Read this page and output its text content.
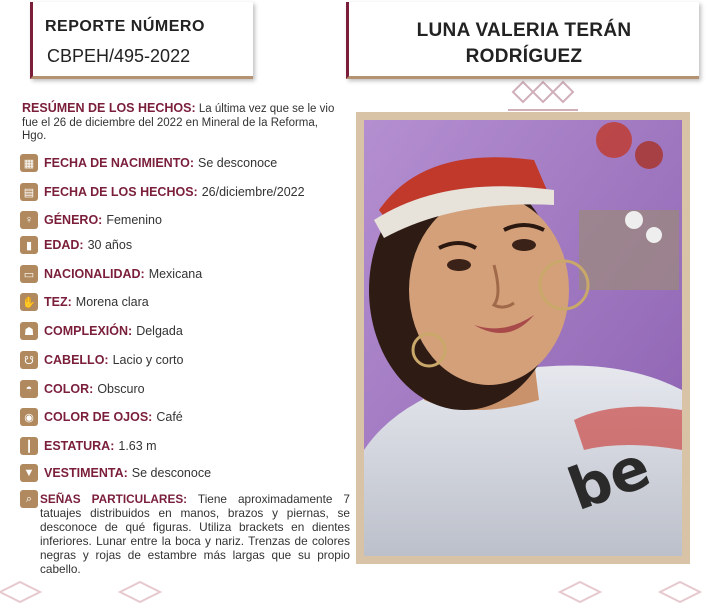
REPORTE NÚMERO
CBPEH/495-2022
LUNA VALERIA TERÁN
RODRÍGUEZ
RESÚMEN DE LOS HECHOS: La última vez que se le vio fue el 26 de diciembre del 2022 en Mineral de la Reforma, Hgo.
▦ FECHA DE NACIMIENTO: Se desconoce
▤ FECHA DE LOS HECHOS: 26/diciembre/2022
♀ GÉNERO: Femenino
▮ EDAD: 30 años
▭ NACIONALIDAD: Mexicana
✋ TEZ: Morena clara
☗ COMPLEXIÓN: Delgada
☋ CABELLO: Lacio y corto
◓ COLOR: Obscuro
◉ COLOR DE OJOS: Café
┃ ESTATURA: 1.63 m
▼ VESTIMENTA: Se desconoce
⌕ SEÑAS PARTICULARES: Tiene aproximadamente 7 tatuajes distribuidos en manos, brazos y piernas, se desconoce de qué figuras. Utiliza brackets en dientes inferiores. Lunar entre la boca y nariz. Trenzas de colores negras y rojas de estambre más largas que su propio cabello.
be
